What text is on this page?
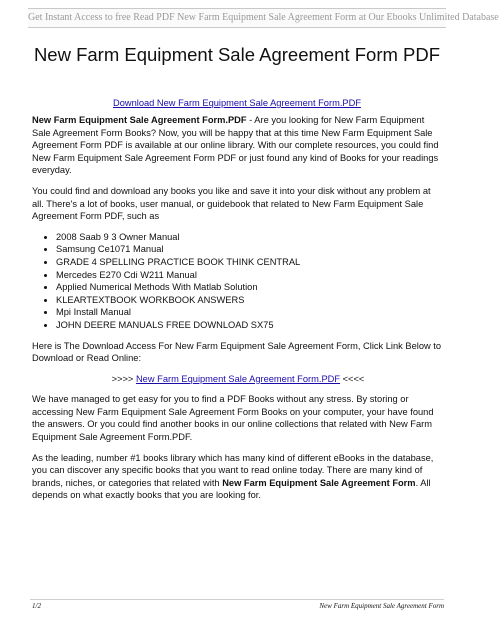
Get Instant Access to free Read PDF New Farm Equipment Sale Agreement Form at Our Ebooks Unlimited Database
New Farm Equipment Sale Agreement Form PDF
Download New Farm Equipment Sale Agreement Form.PDF

New Farm Equipment Sale Agreement Form.PDF - Are you looking for New Farm Equipment Sale Agreement Form Books? Now, you will be happy that at this time New Farm Equipment Sale Agreement Form PDF is available at our online library. With our complete resources, you could find New Farm Equipment Sale Agreement Form PDF or just found any kind of Books for your readings everyday.

You could find and download any books you like and save it into your disk without any problem at all. There's a lot of books, user manual, or guidebook that related to New Farm Equipment Sale Agreement Form PDF, such as

• 2008 Saab 9 3 Owner Manual
• Samsung Ce1071 Manual
• GRADE 4 SPELLING PRACTICE BOOK THINK CENTRAL
• Mercedes E270 Cdi W211 Manual
• Applied Numerical Methods With Matlab Solution
• KLEARTEXTBOOK WORKBOOK ANSWERS
• Mpi Install Manual
• JOHN DEERE MANUALS FREE DOWNLOAD SX75

Here is The Download Access For New Farm Equipment Sale Agreement Form, Click Link Below to Download or Read Online:

>>>> New Farm Equipment Sale Agreement Form.PDF <<<<

We have managed to get easy for you to find a PDF Books without any stress. By storing or accessing New Farm Equipment Sale Agreement Form Books on your computer, your have found the answers. Or you could find another books in our online collections that related with New Farm Equipment Sale Agreement Form.PDF.

As the leading, number #1 books library which has many kind of different eBooks in the database, you can discover any specific books that you want to read online today. There are many kind of brands, niches, or categories that related with New Farm Equipment Sale Agreement Form. All depends on what exactly books that you are looking for.

1/2	New Farm Equipment Sale Agreement Form
